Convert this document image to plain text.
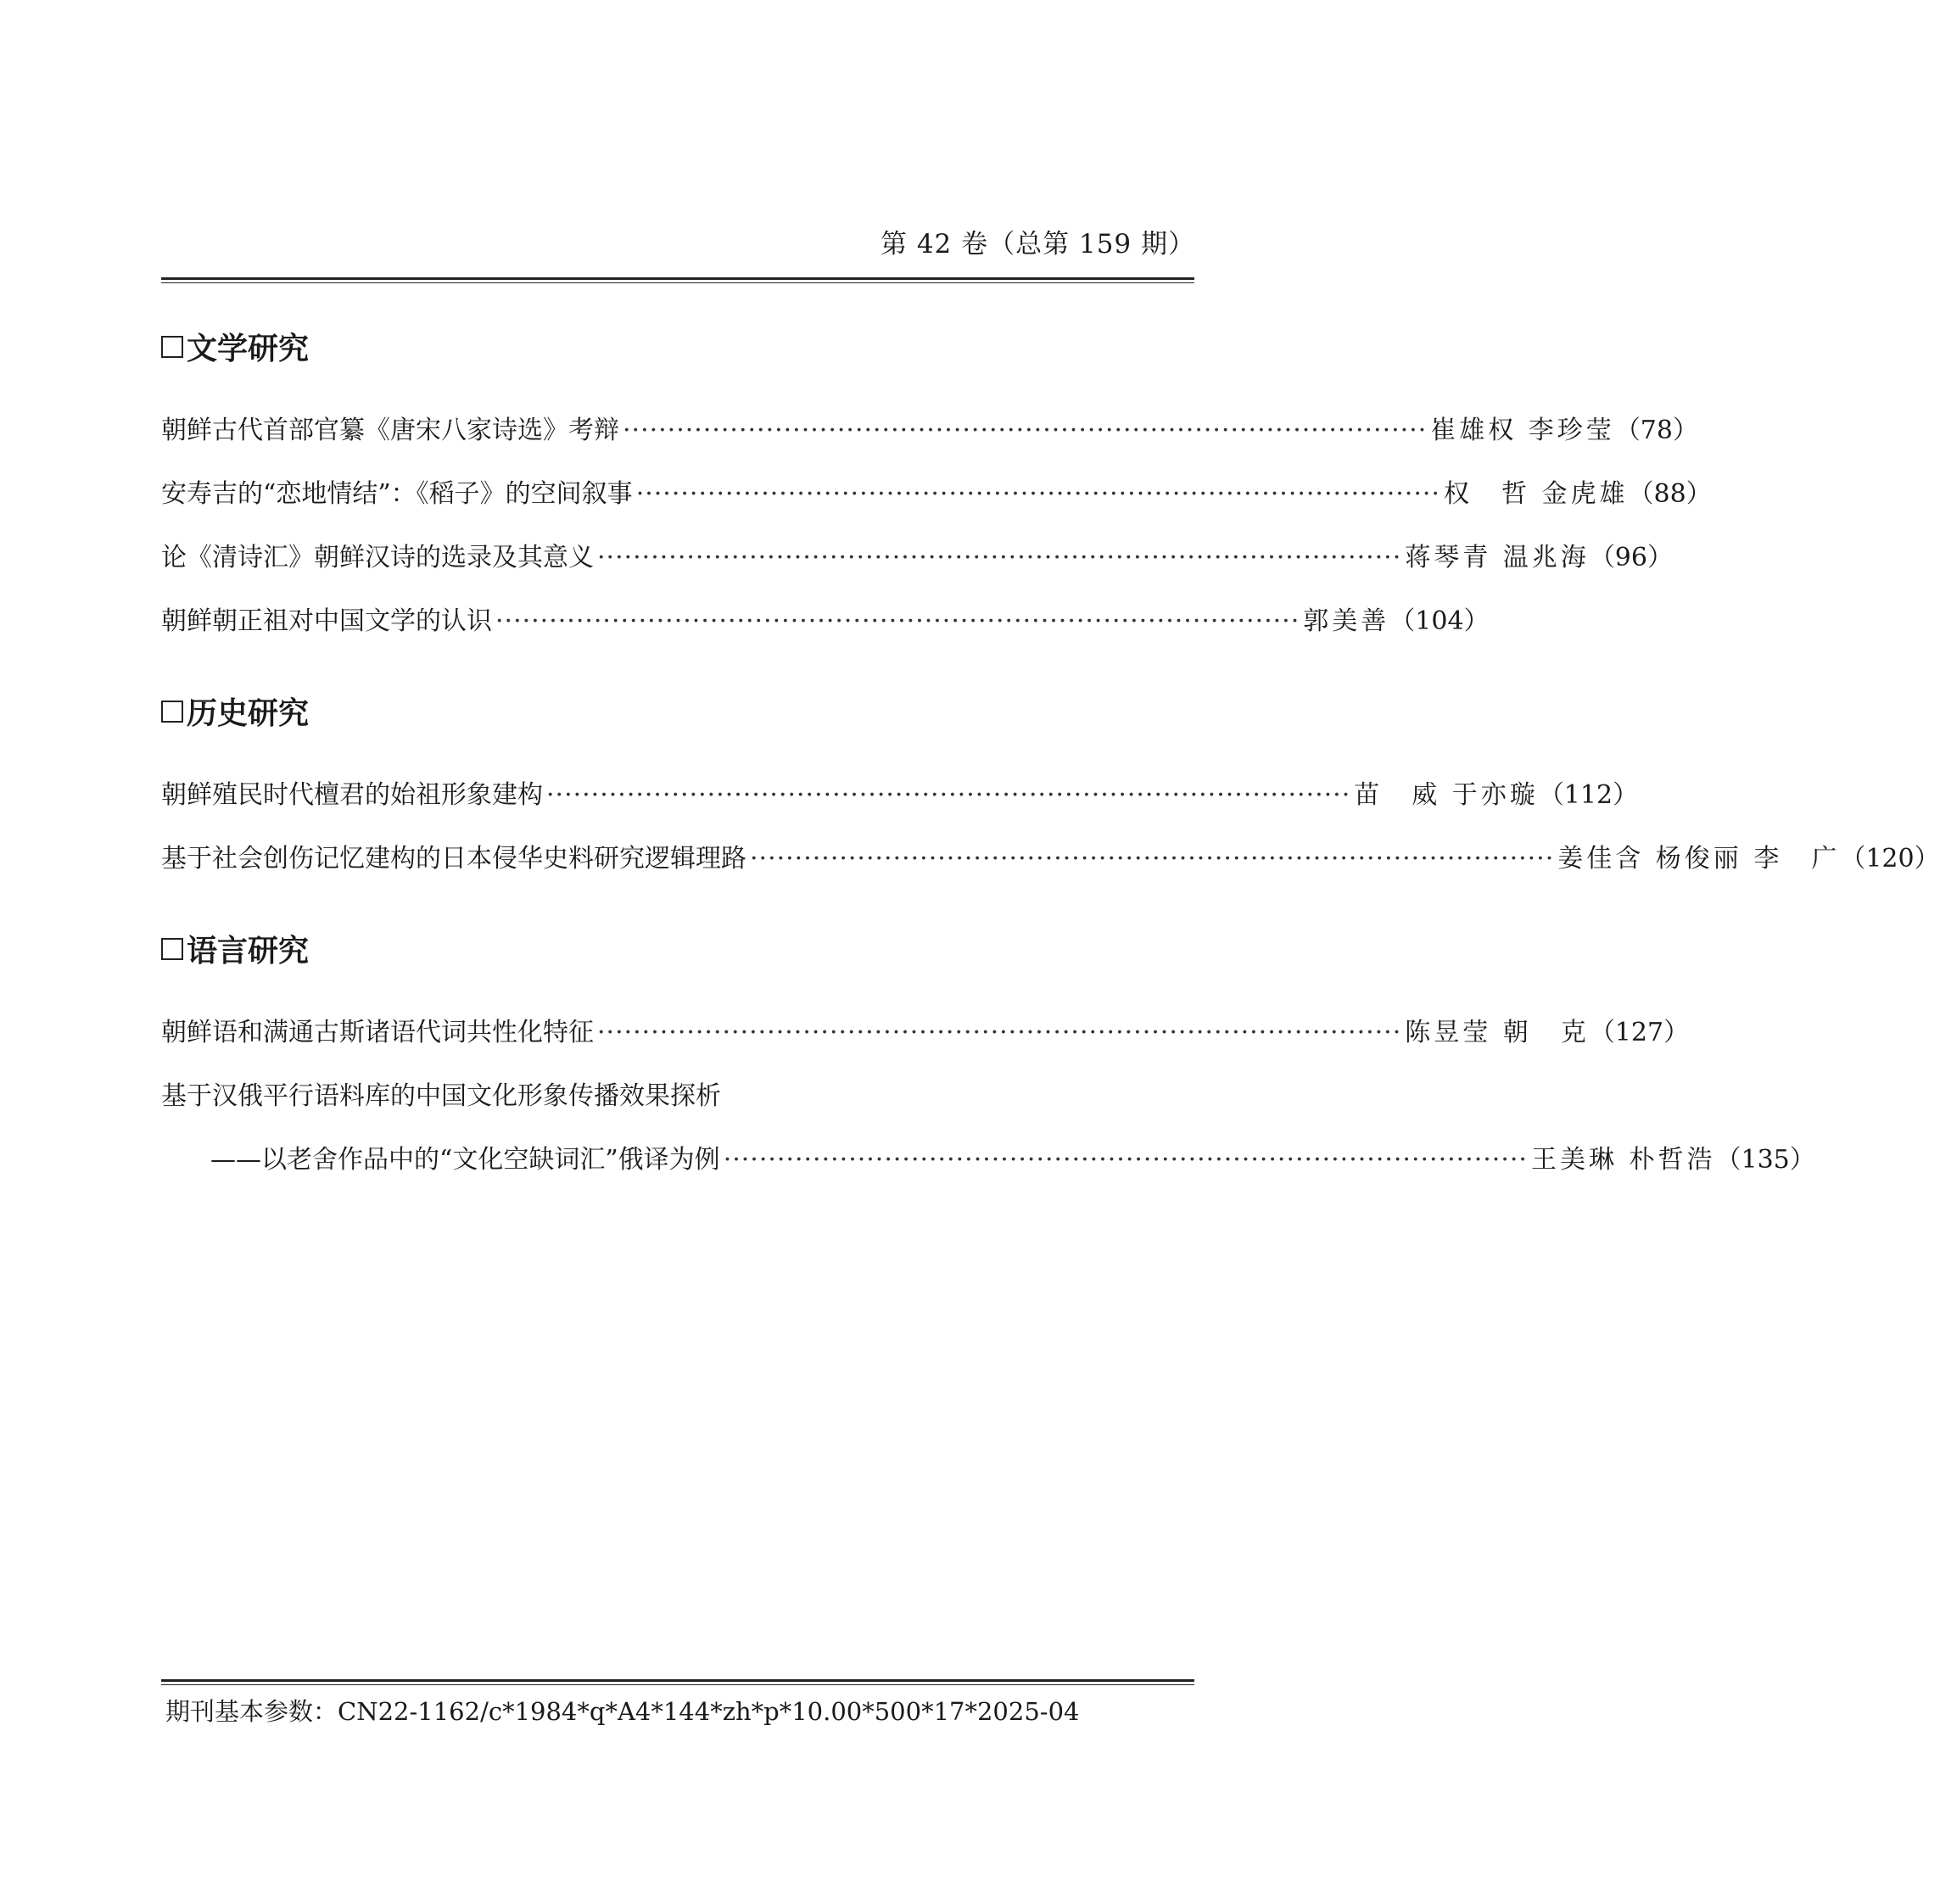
第 42 卷（总第 159 期）
文学研究
朝鲜古代首部官纂《唐宋八家诗选》考辩 ·························································································· 崔雄权 李珍莹 （78）
安寿吉的“恋地情结”：《稻子》的空间叙事 ·························································································· 权　哲 金虎雄 （88）
论《清诗汇》朝鲜汉诗的选录及其意义 ·························································································· 蒋琴青 温兆海 （96）
朝鲜朝正祖对中国文学的认识 ·························································································· 郭美善 （104）
历史研究
朝鲜殖民时代檀君的始祖形象建构 ·························································································· 苗　威 于亦璇 （112）
基于社会创伤记忆建构的日本侵华史料研究逻辑理路 ·························································································· 姜佳含 杨俊丽 李　广 （120）
语言研究
朝鲜语和满通古斯诸语代词共性化特征 ·························································································· 陈昱莹 朝　克 （127）
基于汉俄平行语料库的中国文化形象传播效果探析
——以老舍作品中的“文化空缺词汇”俄译为例 ·························································································· 王美琳 朴哲浩 （135）
期刊基本参数：CN22-1162/c*1984*q*A4*144*zh*p*10.00*500*17*2025-04
